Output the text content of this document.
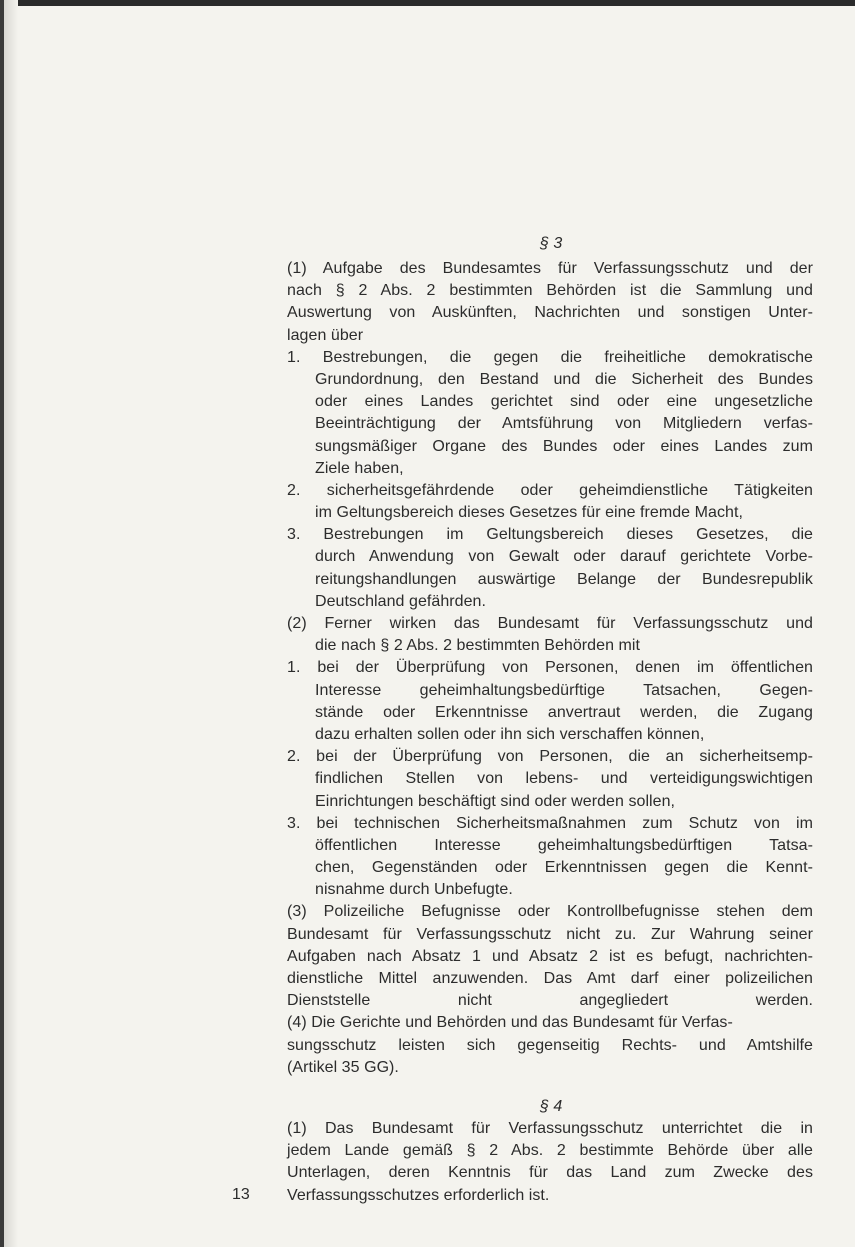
§ 3
(1) Aufgabe des Bundesamtes für Verfassungsschutz und der
nach § 2 Abs. 2 bestimmten Behörden ist die Sammlung und
Auswertung von Auskünften, Nachrichten und sonstigen Unter-
lagen über
1. Bestrebungen, die gegen die freiheitliche demokratische
Grundordnung, den Bestand und die Sicherheit des Bundes
oder eines Landes gerichtet sind oder eine ungesetzliche
Beeinträchtigung der Amtsführung von Mitgliedern verfas-
sungsmäßiger Organe des Bundes oder eines Landes zum
Ziele haben,
2. sicherheitsgefährdende oder geheimdienstliche Tätigkeiten
im Geltungsbereich dieses Gesetzes für eine fremde Macht,
3. Bestrebungen im Geltungsbereich dieses Gesetzes, die
durch Anwendung von Gewalt oder darauf gerichtete Vorbe-
reitungshandlungen auswärtige Belange der Bundesrepublik
Deutschland gefährden.
(2) Ferner wirken das Bundesamt für Verfassungsschutz und
die nach § 2 Abs. 2 bestimmten Behörden mit
1. bei der Überprüfung von Personen, denen im öffentlichen
Interesse geheimhaltungsbedürftige Tatsachen, Gegen-
stände oder Erkenntnisse anvertraut werden, die Zugang
dazu erhalten sollen oder ihn sich verschaffen können,
2. bei der Überprüfung von Personen, die an sicherheitsemp-
findlichen Stellen von lebens- und verteidigungswichtigen
Einrichtungen beschäftigt sind oder werden sollen,
3. bei technischen Sicherheitsmaßnahmen zum Schutz von im
öffentlichen Interesse geheimhaltungsbedürftigen Tatsa-
chen, Gegenständen oder Erkenntnissen gegen die Kennt-
nisnahme durch Unbefugte.
(3) Polizeiliche Befugnisse oder Kontrollbefugnisse stehen dem
Bundesamt für Verfassungsschutz nicht zu. Zur Wahrung seiner
Aufgaben nach Absatz 1 und Absatz 2 ist es befugt, nachrichten-
dienstliche Mittel anzuwenden. Das Amt darf einer polizeilichen
Dienststelle nicht angegliedert werden.
(4) Die Gerichte und Behörden und das Bundesamt für Verfas-
sungsschutz leisten sich gegenseitig Rechts- und Amtshilfe
(Artikel 35 GG).
§ 4
(1) Das Bundesamt für Verfassungsschutz unterrichtet die in
jedem Lande gemäß § 2 Abs. 2 bestimmte Behörde über alle
Unterlagen, deren Kenntnis für das Land zum Zwecke des
Verfassungsschutzes erforderlich ist.
13
